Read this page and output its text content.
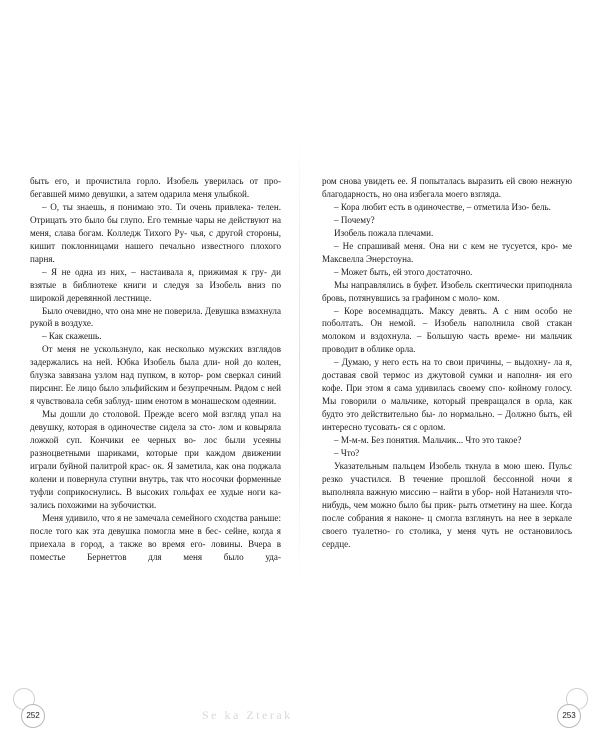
быть его, и прочистила горло. Изобель уверилась от про- бегавшей мимо девушки, а затем одарила меня улыбкой.

– О, ты знаешь, я понимаю это. Ти очень привлека- телен. Отрицать это было бы глупо. Его темные чары не действуют на меня, слава богам. Колледж Тихого Ру- чья, с другой стороны, кишит поклонницами нашего печально известного плохого парня.

– Я не одна из них, – настаивала я, прижимая к гру- ди взятые в библиотеке книги и следуя за Изобель вниз по широкой деревянной лестнице.

Было очевидно, что она мне не поверила. Девушка взмахнула рукой в воздухе.

– Как скажешь.

От меня не ускользнуло, как несколько мужских взглядов задержались на ней. Юбка Изобель была дли- ной до колен, блузка завязана узлом над пупком, в котор- ром сверкал синий пирсинг. Ее лицо было эльфийским и безупречным. Рядом с ней я чувствовала себя заблуд- шим енотом в монашеском одеянии.

Мы дошли до столовой. Прежде всего мой взгляд упал на девушку, которая в одиночестве сидела за сто- лом и ковыряла ложкой суп. Кончики ее черных во- лос были усеяны разноцветными шариками, которые при каждом движении играли буйной палитрой крас- ок. Я заметила, как она поджала колени и повернула ступни внутрь, так что носочки форменные туфли соприкоснулись. В высоких гольфах ее худые ноги ка- зались похожими на зубочистки.

Меня удивило, что я не замечала семейного сходства раньше: после того как эта девушка помогла мне в бес- сейне, когда я приехала в город, а также во время его- ловины. Вчера в поместье Бернеттов для меня было уда-

ром снова увидеть ее. Я попыталась выразить ей свою нежную благодарность, но она избегала моего взгляда.

– Кора любит есть в одиночестве, – отметила Изо- бель.

– Почему?

Изобель пожала плечами.

– Не спрашивай меня. Она ни с кем не тусуется, кро- ме Максвелла Энерстоуна.

– Может быть, ей этого достаточно.

Мы направлялись в буфет. Изобель скептически приподняла бровь, потянувшись за графином с моло- ком.

– Коре восемнадцать. Максу девять. А с ним особо не поболтать. Он немой. – Изобель наполнила свой стакан молоком и вздохнула. – Большую часть време- ни мальчик проводит в облике орла.

– Думаю, у него есть на то свои причины, – выдохну- ла я, доставая свой термос из джутовой сумки и наполня- ия его кофе. При этом я сама удивилась своему спо- койному голосу. Мы говорили о мальчике, который превращался в орла, как будто это действительно бы- ло нормально. – Должно быть, ей интересно тусовать- ся с орлом.

– М-м-м. Без понятия. Мальчик... Что это такое?

– Что?

Указательным пальцем Изобель ткнула в мою шею. Пульс резко участился. В течение прошлой бессонной ночи я выполняла важную миссию – найти в убор- ной Натаниэля что-нибудь, чем можно было бы прик- рыть отметину на шее. Когда после собрания я наконе- ц смогла взглянуть на нее в зеркале своего туалетно- го столика, у меня чуть не остановилось сердце.

252	253
Se ka Zterak
